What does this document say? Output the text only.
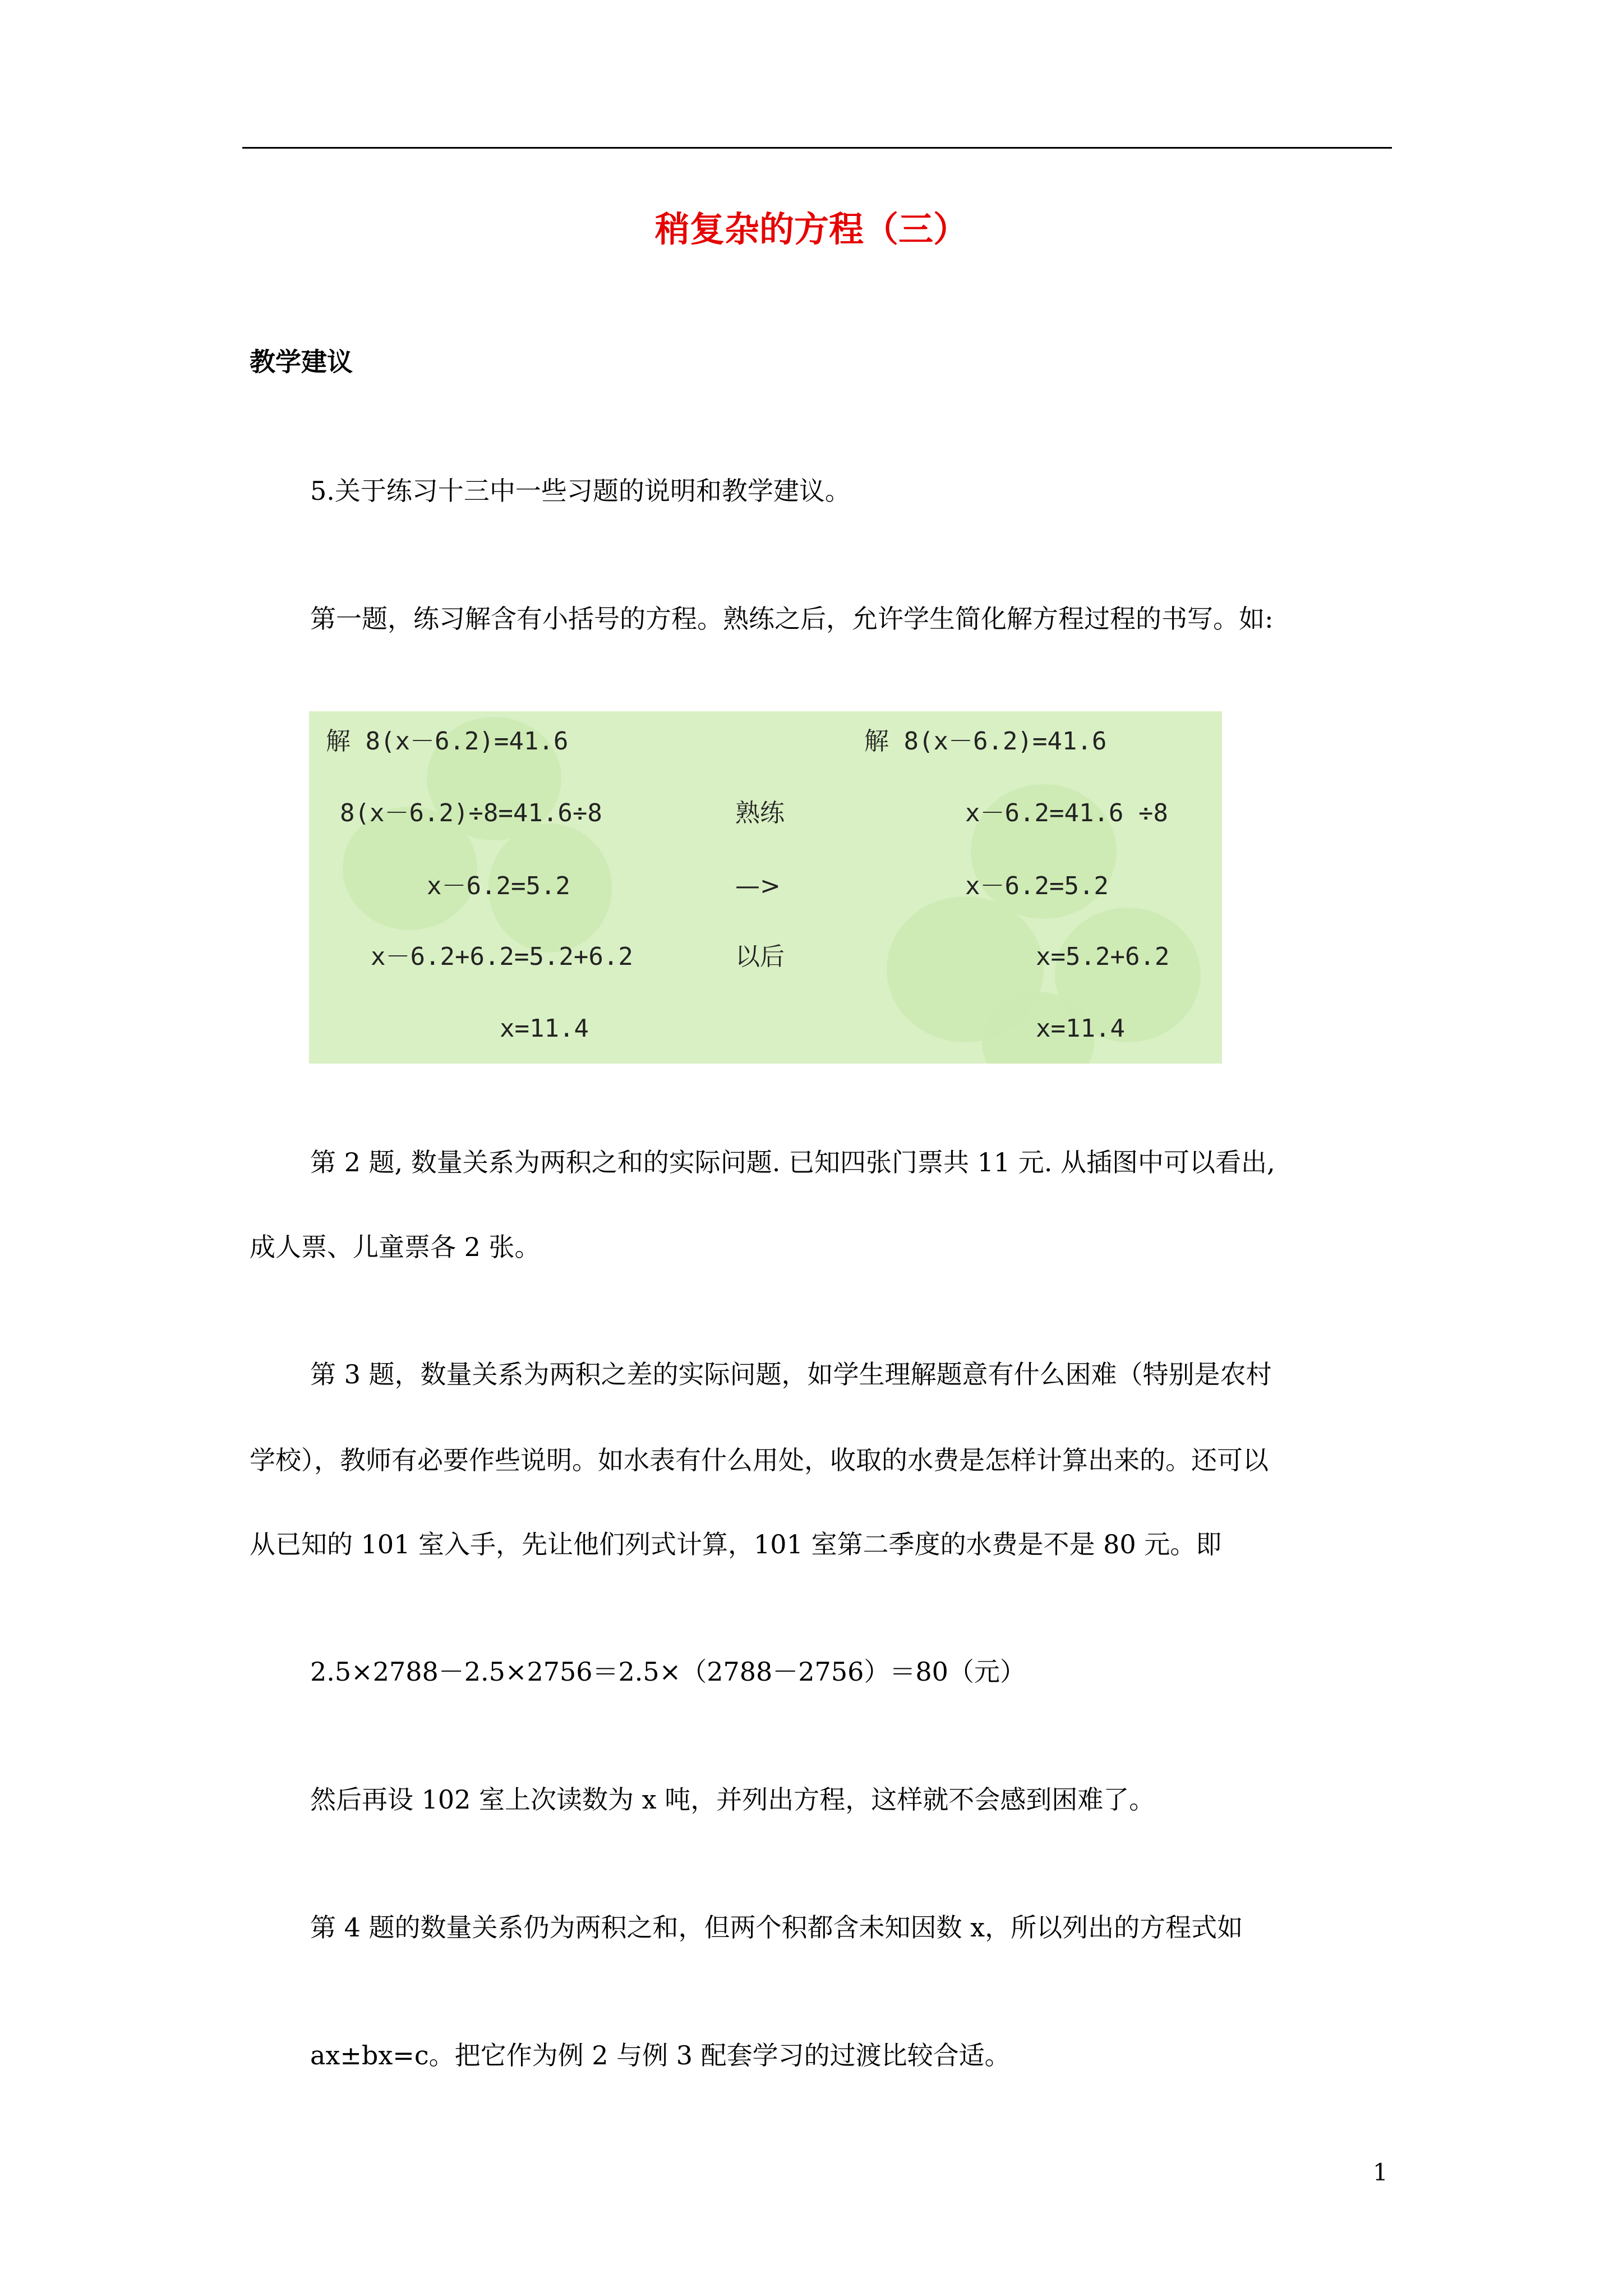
稍复杂的方程（三）
教学建议
5.关于练习十三中一些习题的说明和教学建议。
第一题，练习解含有小括号的方程。熟练之后，允许学生简化解方程过程的书写。如:
解 8(x－6.2)=41.6
8(x－6.2)÷8=41.6÷8
x－6.2=5.2
x－6.2+6.2=5.2+6.2
x=11.4
熟练
—>
以后
解 8(x－6.2)=41.6
x－6.2=41.6 ÷8
x－6.2=5.2
x=5.2+6.2
x=11.4
第 2 题, 数量关系为两积之和的实际问题. 已知四张门票共 11 元. 从插图中可以看出,
成人票、儿童票各 2 张。
第 3 题，数量关系为两积之差的实际问题，如学生理解题意有什么困难（特别是农村
学校），教师有必要作些说明。如水表有什么用处，收取的水费是怎样计算出来的。还可以
从已知的 101 室入手，先让他们列式计算，101 室第二季度的水费是不是 80 元。即
2.5×2788－2.5×2756＝2.5×（2788－2756）＝80（元）
然后再设 102 室上次读数为 x 吨，并列出方程，这样就不会感到困难了。
第 4 题的数量关系仍为两积之和，但两个积都含未知因数 x，所以列出的方程式如
ax±bx=c。把它作为例 2 与例 3 配套学习的过渡比较合适。
1
